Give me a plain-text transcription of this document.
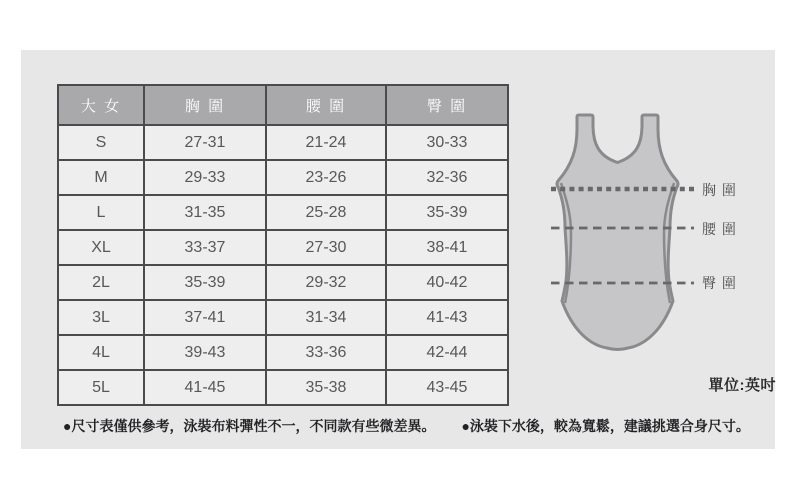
大 女	胸 圍	腰 圍	臀 圍
S	27-31	21-24	30-33
M	29-33	23-26	32-36
L	31-35	25-28	35-39
XL	33-37	27-30	38-41
2L	35-39	29-32	40-42
3L	37-41	31-34	41-43
4L	39-43	33-36	42-44
5L	41-45	35-38	43-45
胸 圍
腰 圍
臀 圍
單位:英吋
●尺寸表僅供參考，泳裝布料彈性不一，不同款有些微差異。 ●泳裝下水後，較為寬鬆，建議挑選合身尺寸。
